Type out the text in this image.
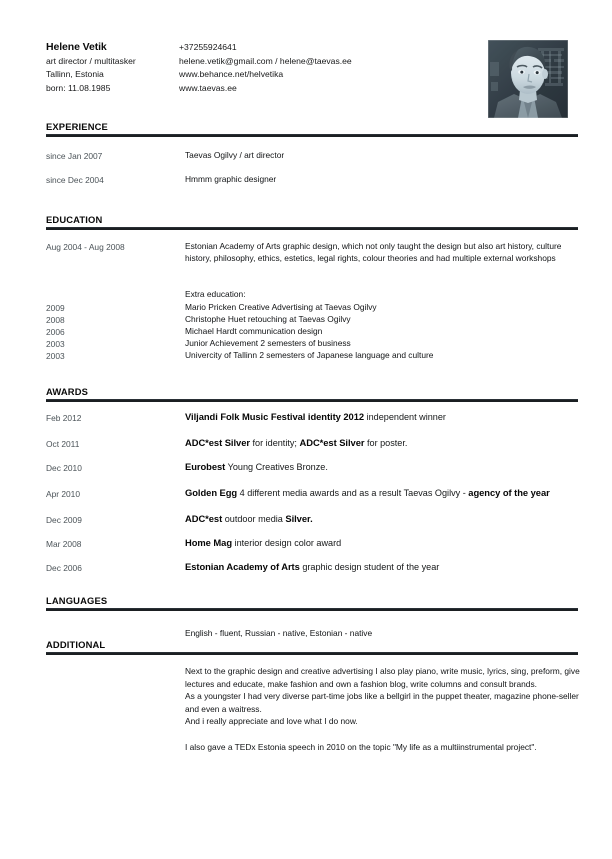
Helene Vetik
art director / multitasker
Tallinn, Estonia
born: 11.08.1985
+37255924641
helene.vetik@gmail.com / helene@taevas.ee
www.behance.net/helvetika
www.taevas.ee
EXPERIENCE
since Jan 2007	Taevas Ogilvy / art director
since Dec 2004	Hmmm graphic designer
EDUCATION
Aug 2004 - Aug 2008	Estonian Academy of Arts graphic design, which not only taught the design but also art history, culture history, philosophy, ethics, estetics, legal rights, colour theories and had multiple external workshops
Extra education:
2009	Mario Pricken Creative Advertising at Taevas Ogilvy
2008	Christophe Huet retouching at Taevas Ogilvy
2006	Michael Hardt communication design
2003	Junior Achievement 2 semesters of business
2003	Univercity of Tallinn 2 semesters of Japanese language and culture
AWARDS
Feb 2012	Viljandi Folk Music Festival identity 2012 independent winner
Oct 2011	ADC*est Silver for identity; ADC*est Silver for poster.
Dec 2010	Eurobest Young Creatives Bronze.
Apr 2010	Golden Egg 4 different media awards and as a result Taevas Ogilvy - agency of the year
Dec 2009	ADC*est outdoor media Silver.
Mar 2008	Home Mag interior design color award
Dec 2006	Estonian Academy of Arts graphic design student of the year
LANGUAGES
English - fluent, Russian - native, Estonian - native
ADDITIONAL

Next to the graphic design and creative advertising I also play piano, write music, lyrics, sing, preform, give lectures and educate, make fashion and own a fashion blog, write columns and consult brands.

As a youngster I had very diverse part-time jobs like a bellgirl in the puppet theater, magazine phone-seller and even a waitress.

And i really appreciate and love what I do now.

I also gave a TEDx Estonia speech in 2010 on the topic "My life as a multiinstrumental project".
